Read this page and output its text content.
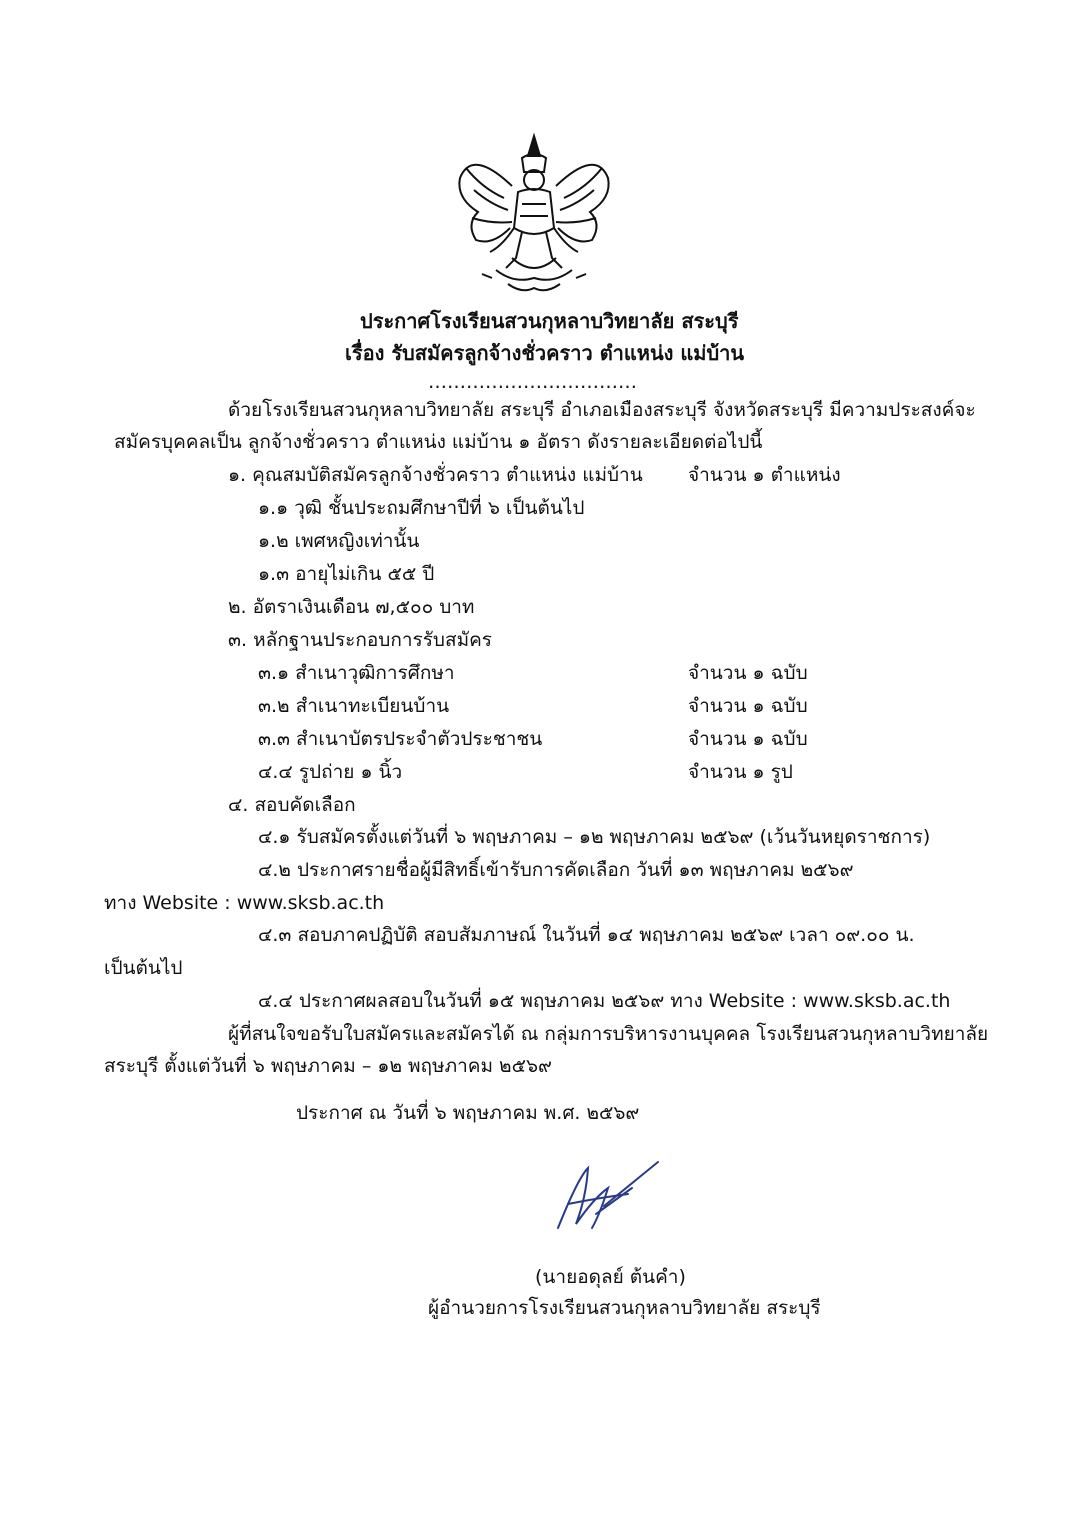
ประกาศโรงเรียนสวนกุหลาบวิทยาลัย สระบุรี
เรื่อง รับสมัครลูกจ้างชั่วคราว ตำแหน่ง แม่บ้าน
……………………………
ด้วยโรงเรียนสวนกุหลาบวิทยาลัย สระบุรี อำเภอเมืองสระบุรี จังหวัดสระบุรี มีความประสงค์จะ
สมัครบุคคลเป็น ลูกจ้างชั่วคราว ตำแหน่ง แม่บ้าน ๑ อัตรา ดังรายละเอียดต่อไปนี้
๑. คุณสมบัติสมัครลูกจ้างชั่วคราว ตำแหน่ง แม่บ้าน จำนวน ๑ ตำแหน่ง
๑.๑ วุฒิ ชั้นประถมศึกษาปีที่ ๖ เป็นต้นไป
๑.๒ เพศหญิงเท่านั้น
๑.๓ อายุไม่เกิน ๕๕ ปี
๒. อัตราเงินเดือน ๗,๕๐๐ บาท
๓. หลักฐานประกอบการรับสมัคร
๓.๑ สำเนาวุฒิการศึกษา	จำนวน ๑ ฉบับ
๓.๒ สำเนาทะเบียนบ้าน	จำนวน ๑ ฉบับ
๓.๓ สำเนาบัตรประจำตัวประชาชน	จำนวน ๑ ฉบับ
๔.๔ รูปถ่าย ๑ นิ้ว	จำนวน ๑ รูป
๔. สอบคัดเลือก
๔.๑ รับสมัครตั้งแต่วันที่ ๖ พฤษภาคม – ๑๒ พฤษภาคม ๒๕๖๙ (เว้นวันหยุดราชการ)
๔.๒ ประกาศรายชื่อผู้มีสิทธิ์เข้ารับการคัดเลือก วันที่ ๑๓ พฤษภาคม ๒๕๖๙
ทาง Website : www.sksb.ac.th
๔.๓ สอบภาคปฏิบัติ สอบสัมภาษณ์ ในวันที่ ๑๔ พฤษภาคม ๒๕๖๙ เวลา ๐๙.๐๐ น.
เป็นต้นไป
๔.๔ ประกาศผลสอบในวันที่ ๑๕ พฤษภาคม ๒๕๖๙ ทาง Website : www.sksb.ac.th
ผู้ที่สนใจขอรับใบสมัครและสมัครได้ ณ กลุ่มการบริหารงานบุคคล โรงเรียนสวนกุหลาบวิทยาลัย
สระบุรี ตั้งแต่วันที่ ๖ พฤษภาคม – ๑๒ พฤษภาคม ๒๕๖๙
ประกาศ ณ วันที่ ๖ พฤษภาคม พ.ศ. ๒๕๖๙
(นายอดุลย์ ต้นคำ)
ผู้อำนวยการโรงเรียนสวนกุหลาบวิทยาลัย สระบุรี
